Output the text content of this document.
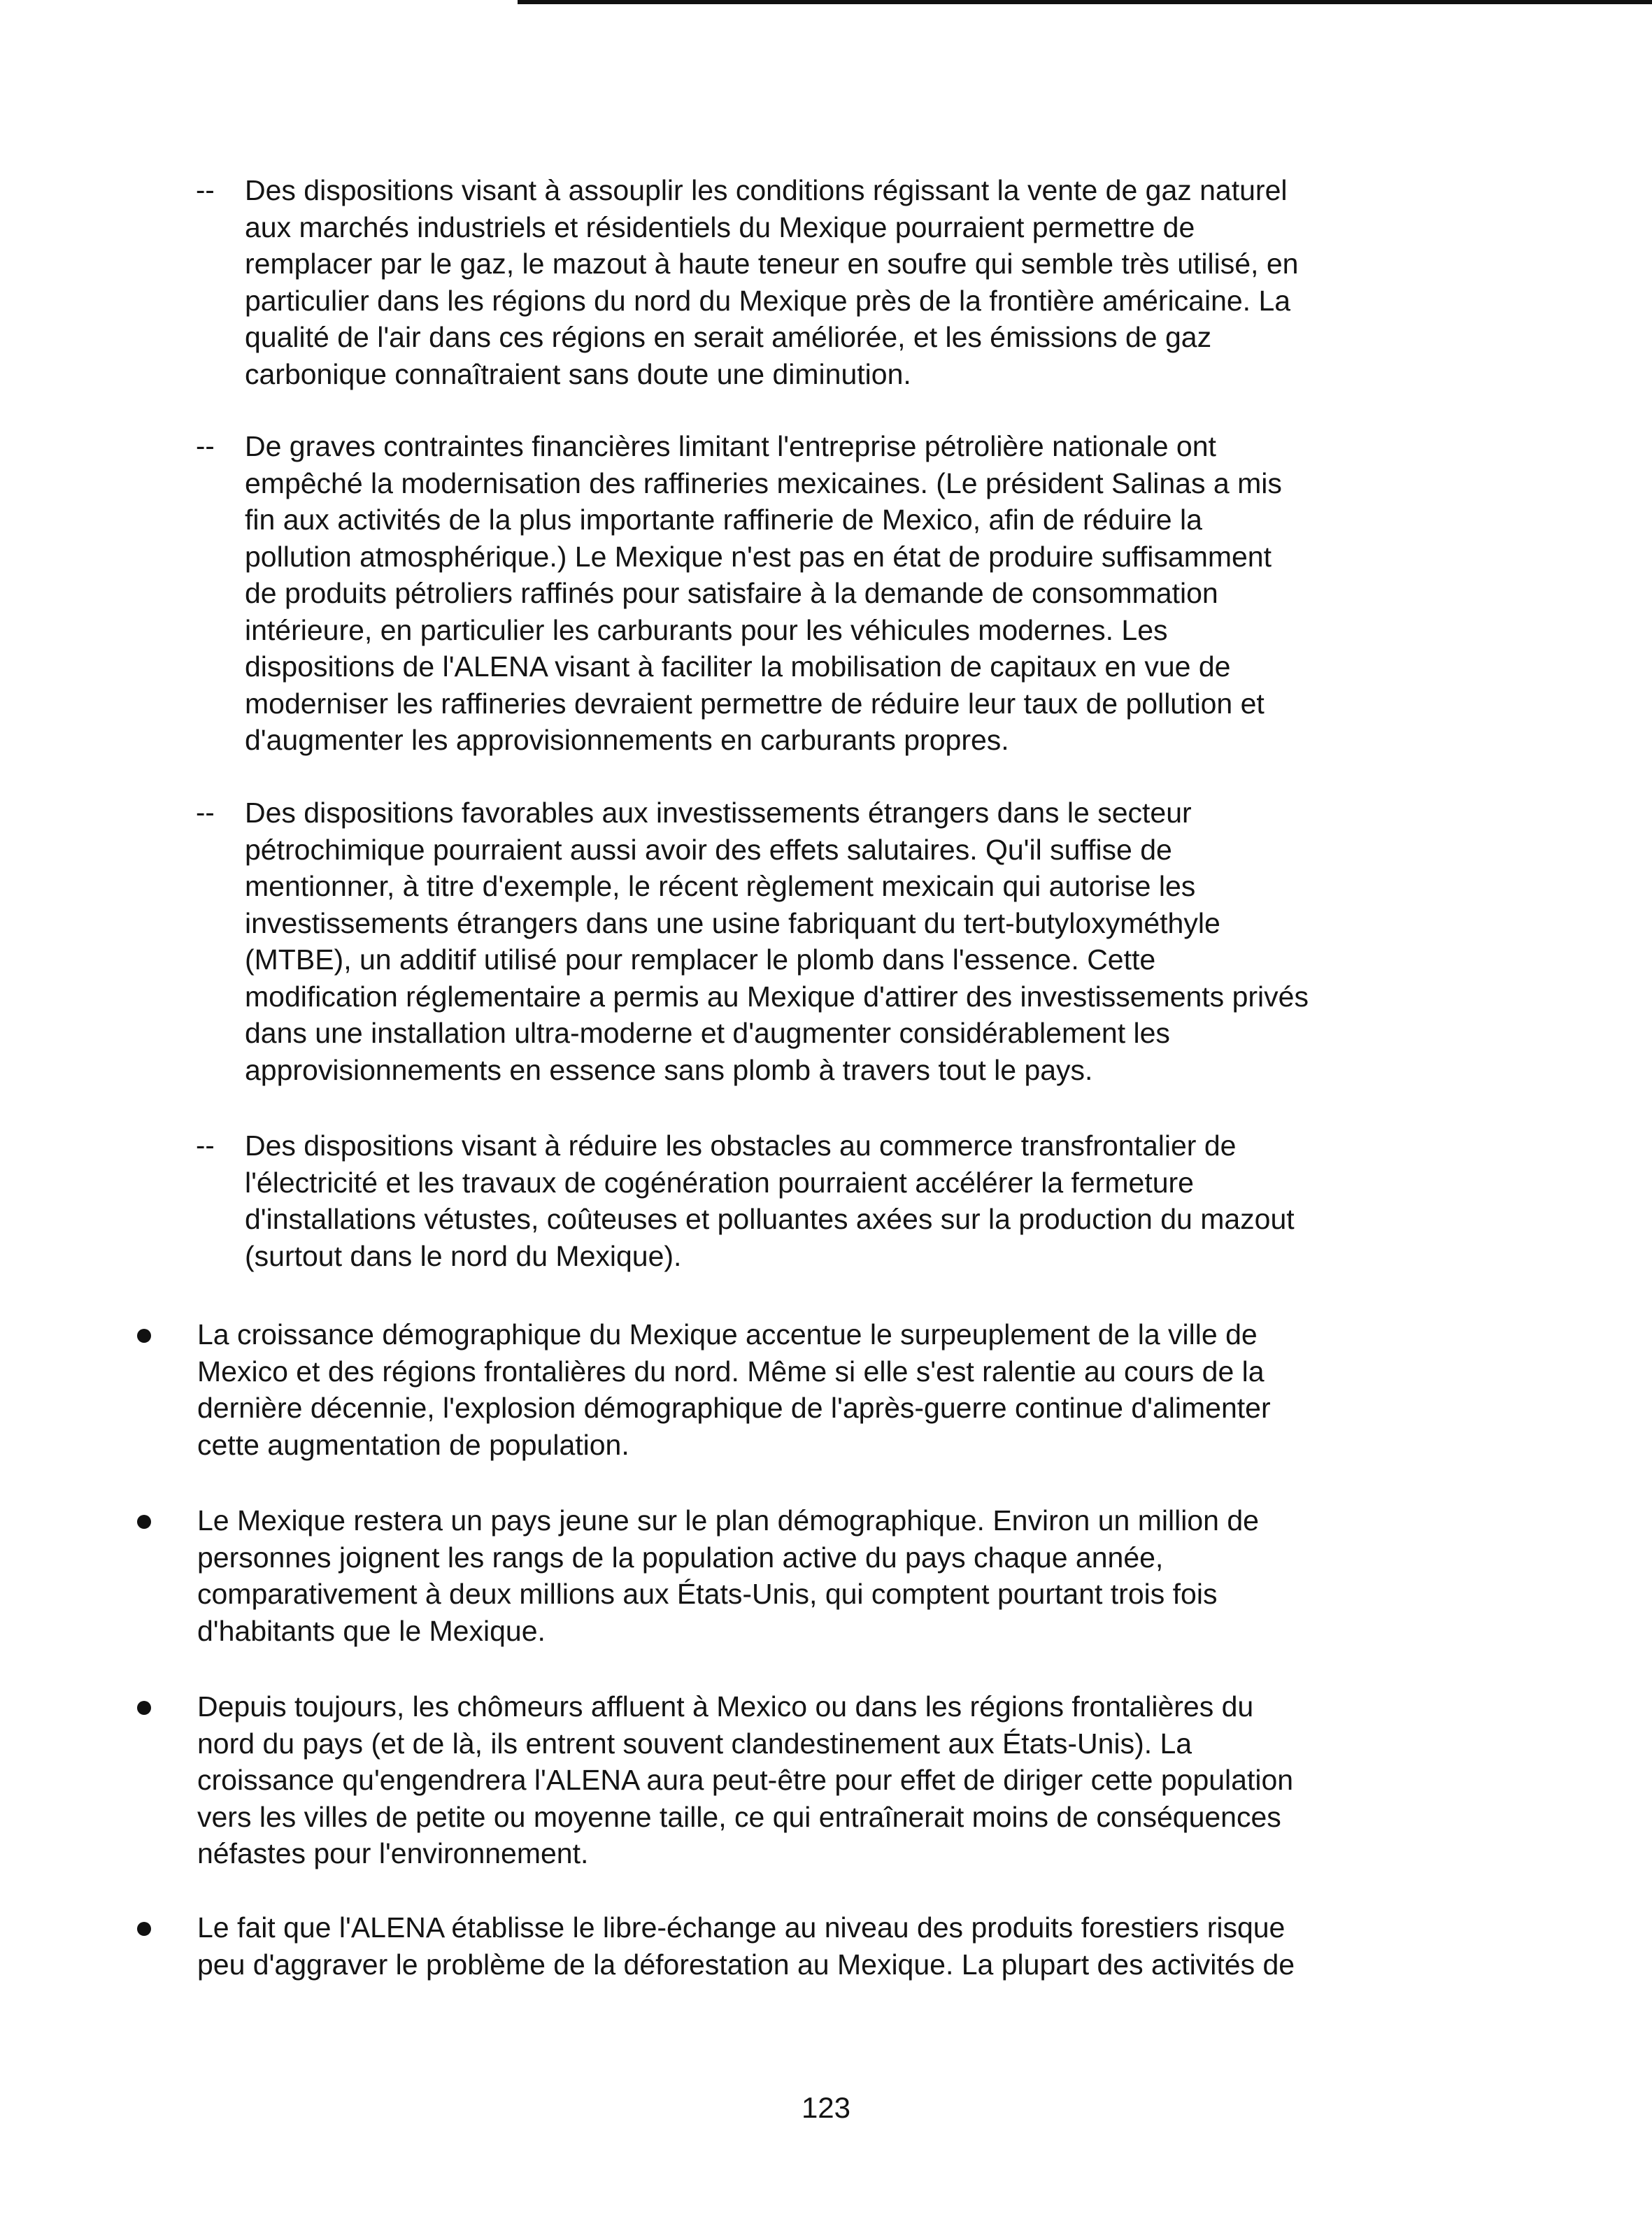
-- Des dispositions visant à assouplir les conditions régissant la vente de gaz naturel
aux marchés industriels et résidentiels du Mexique pourraient permettre de
remplacer par le gaz, le mazout à haute teneur en soufre qui semble très utilisé, en
particulier dans les régions du nord du Mexique près de la frontière américaine. La
qualité de l'air dans ces régions en serait améliorée, et les émissions de gaz
carbonique connaîtraient sans doute une diminution.
-- De graves contraintes financières limitant l'entreprise pétrolière nationale ont
empêché la modernisation des raffineries mexicaines. (Le président Salinas a mis
fin aux activités de la plus importante raffinerie de Mexico, afin de réduire la
pollution atmosphérique.) Le Mexique n'est pas en état de produire suffisamment
de produits pétroliers raffinés pour satisfaire à la demande de consommation
intérieure, en particulier les carburants pour les véhicules modernes. Les
dispositions de l'ALENA visant à faciliter la mobilisation de capitaux en vue de
moderniser les raffineries devraient permettre de réduire leur taux de pollution et
d'augmenter les approvisionnements en carburants propres.
-- Des dispositions favorables aux investissements étrangers dans le secteur
pétrochimique pourraient aussi avoir des effets salutaires. Qu'il suffise de
mentionner, à titre d'exemple, le récent règlement mexicain qui autorise les
investissements étrangers dans une usine fabriquant du tert-butyloxyméthyle
(MTBE), un additif utilisé pour remplacer le plomb dans l'essence. Cette
modification réglementaire a permis au Mexique d'attirer des investissements privés
dans une installation ultra-moderne et d'augmenter considérablement les
approvisionnements en essence sans plomb à travers tout le pays.
-- Des dispositions visant à réduire les obstacles au commerce transfrontalier de
l'électricité et les travaux de cogénération pourraient accélérer la fermeture
d'installations vétustes, coûteuses et polluantes axées sur la production du mazout
(surtout dans le nord du Mexique).
La croissance démographique du Mexique accentue le surpeuplement de la ville de
Mexico et des régions frontalières du nord. Même si elle s'est ralentie au cours de la
dernière décennie, l'explosion démographique de l'après-guerre continue d'alimenter
cette augmentation de population.
Le Mexique restera un pays jeune sur le plan démographique. Environ un million de
personnes joignent les rangs de la population active du pays chaque année,
comparativement à deux millions aux États-Unis, qui comptent pourtant trois fois
d'habitants que le Mexique.
Depuis toujours, les chômeurs affluent à Mexico ou dans les régions frontalières du
nord du pays (et de là, ils entrent souvent clandestinement aux États-Unis). La
croissance qu'engendrera l'ALENA aura peut-être pour effet de diriger cette population
vers les villes de petite ou moyenne taille, ce qui entraînerait moins de conséquences
néfastes pour l'environnement.
Le fait que l'ALENA établisse le libre-échange au niveau des produits forestiers risque
peu d'aggraver le problème de la déforestation au Mexique. La plupart des activités de
123
